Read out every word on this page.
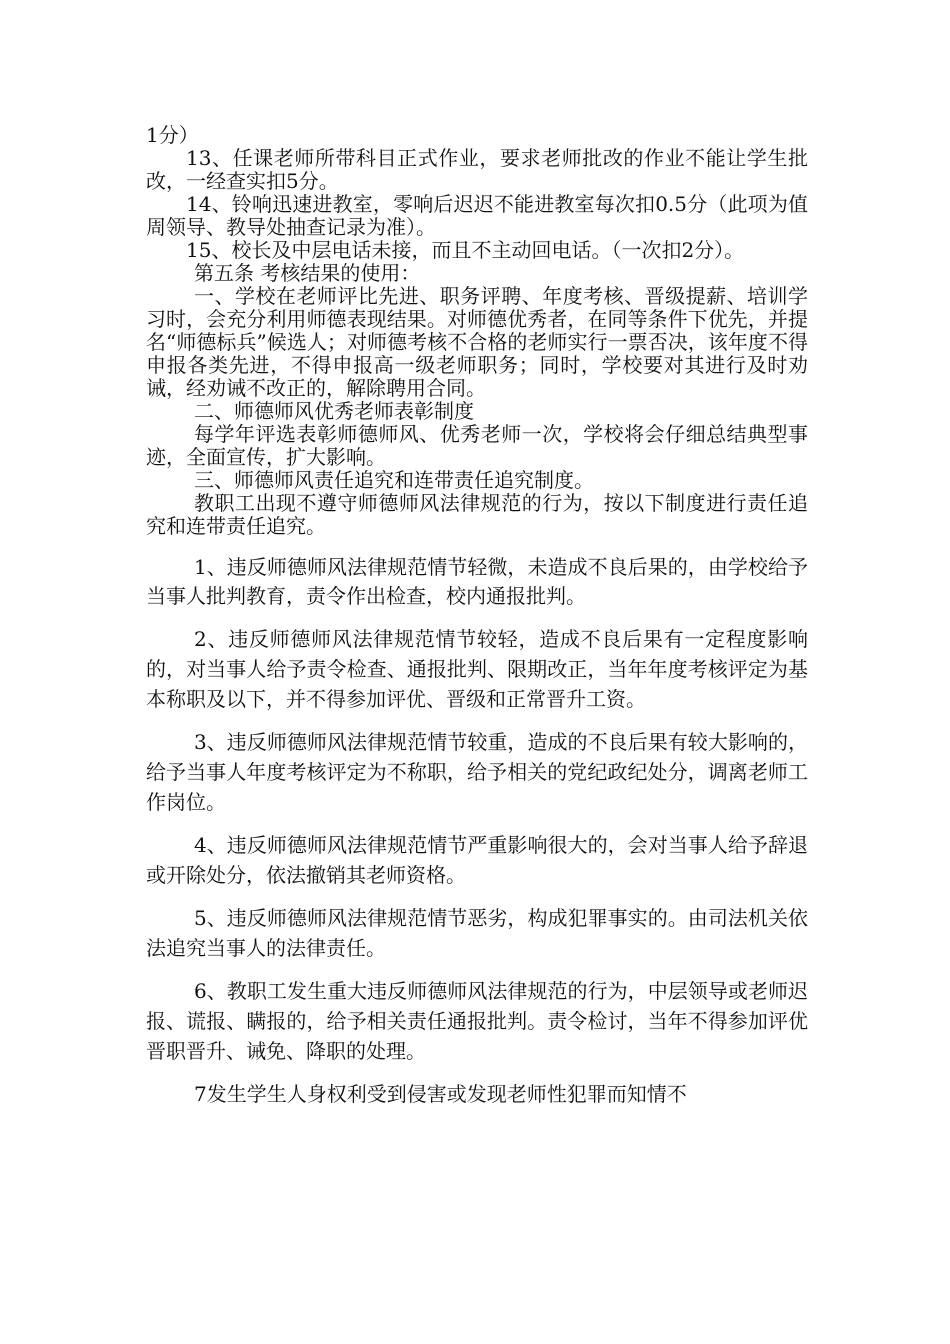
1分）

13、任课老师所带科目正式作业，要求老师批改的作业不能让学生批改，一经查实扣5分。

14、铃响迅速进教室，零响后迟迟不能进教室每次扣0.5分（此项为值周领导、教导处抽查记录为准）。

15、校长及中层电话未接，而且不主动回电话。（一次扣2分）。

第五条 考核结果的使用：

一、学校在老师评比先进、职务评聘、年度考核、晋级提薪、培训学习时，会充分利用师德表现结果。对师德优秀者，在同等条件下优先，并提名“师德标兵”候选人；对师德考核不合格的老师实行一票否决，该年度不得申报各类先进，不得申报高一级老师职务；同时，学校要对其进行及时劝诫，经劝诫不改正的，解除聘用合同。

二、师德师风优秀老师表彰制度

每学年评选表彰师德师风、优秀老师一次，学校将会仔细总结典型事迹，全面宣传，扩大影响。

三、师德师风责任追究和连带责任追究制度。

教职工出现不遵守师德师风法律规范的行为，按以下制度进行责任追究和连带责任追究。

1、违反师德师风法律规范情节轻微，未造成不良后果的，由学校给予当事人批判教育，责令作出检查，校内通报批判。

2、违反师德师风法律规范情节较轻，造成不良后果有一定程度影响的，对当事人给予责令检查、通报批判、限期改正，当年年度考核评定为基本称职及以下，并不得参加评优、晋级和正常晋升工资。

3、违反师德师风法律规范情节较重，造成的不良后果有较大影响的，给予当事人年度考核评定为不称职，给予相关的党纪政纪处分，调离老师工作岗位。

4、违反师德师风法律规范情节严重影响很大的，会对当事人给予辞退或开除处分，依法撤销其老师资格。

5、违反师德师风法律规范情节恶劣，构成犯罪事实的。由司法机关依法追究当事人的法律责任。

6、教职工发生重大违反师德师风法律规范的行为，中层领导或老师迟报、谎报、瞒报的，给予相关责任通报批判。责令检讨，当年不得参加评优晋职晋升、诫免、降职的处理。

7发生学生人身权利受到侵害或发现老师性犯罪而知情不
